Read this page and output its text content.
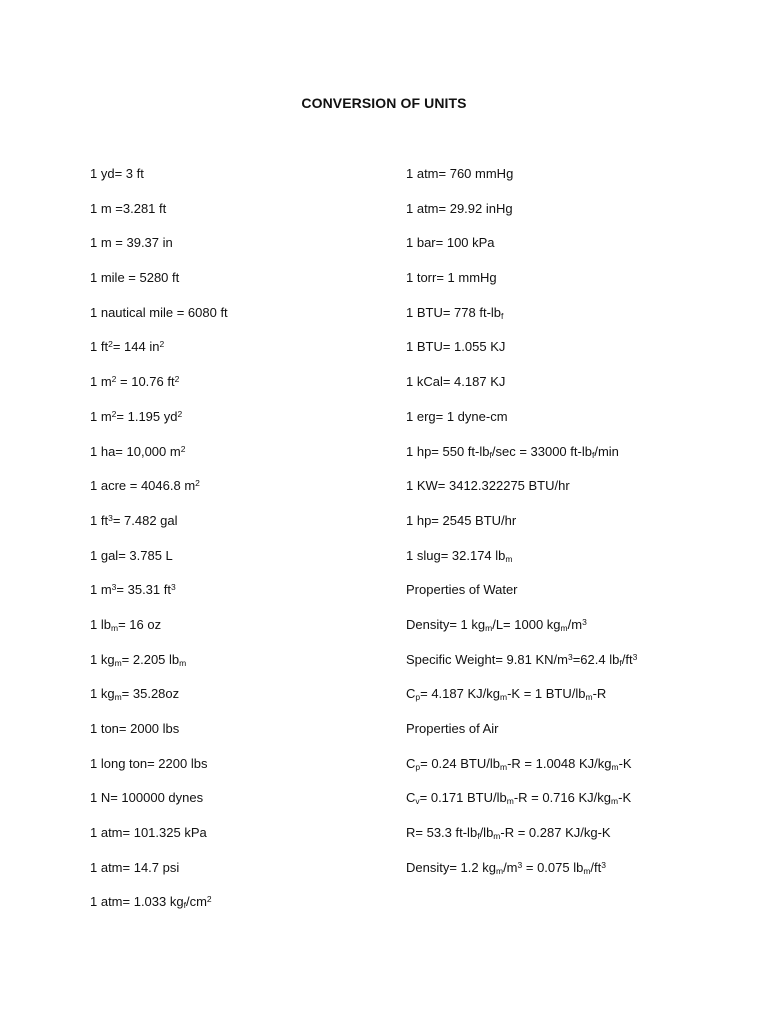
CONVERSION OF UNITS
1 yd= 3 ft
1 m =3.281 ft
1 m = 39.37 in
1 mile = 5280 ft
1 nautical mile = 6080 ft
1 $ft^2= 144$ $in^2$
1 $m^2 = 10.76$ $ft^2$
1 $m^2= 1.195$ $yd^2$
1 ha= 10,000 $m^2$
1 acre = 4046.8 $m^2$
1 $ft^3= 7.482$ gal
1 gal= 3.785 L
1 $m^3= 35.31$ $ft^3$
1 $lb_m= 16$ oz
1 $kg_m= 2.205$ $lb_m$
1 $kg_m= 35.28oz$
1 ton= 2000 lbs
1 long ton= 2200 lbs
1 N= 100000 dynes
1 atm= 101.325 kPa
1 atm= 14.7 psi
1 atm= 1.033 $kg_f/cm^2$
1 atm= 760 mmHg
1 atm= 29.92 inHg
1 bar= 100 kPa
1 torr= 1 mmHg
1 BTU= 778 $ft-lb_f$
1 BTU= 1.055 KJ
1 kCal= 4.187 KJ
1 erg= 1 dyne-cm
1 hp= 550 $ft-lb_f/\sec = 33000$ $ft-lb_f/\min$
1 KW= 3412.322275 BTU/hr
1 hp= 2545 BTU/hr
1 slug= 32.174 $lb_m$
Properties of Water
Density= 1 $kg_m/L= 1000$ $kg_m/m^3$
Specific Weight= 9.81 $KN/m^3=62.4$ $lb_f/ft^3$
$C_p= 4.187$ $KJ/kg_m-K = 1$ BTU/$lb_m-R$
Properties of Air
$C_p= 0.24$ BTU/$lb_m-R = 1.0048$ $KJ/kg_m-K$
$C_v= 0.171$ BTU/$lb_m-R = 0.716$ $KJ/kg_m-K$
R= 53.3 $ft-lb_f/lb_m-R = 0.287$ KJ/kg-K
Density= 1.2 $kg_m/m^3 = 0.075$ $lb_m/ft^3$
